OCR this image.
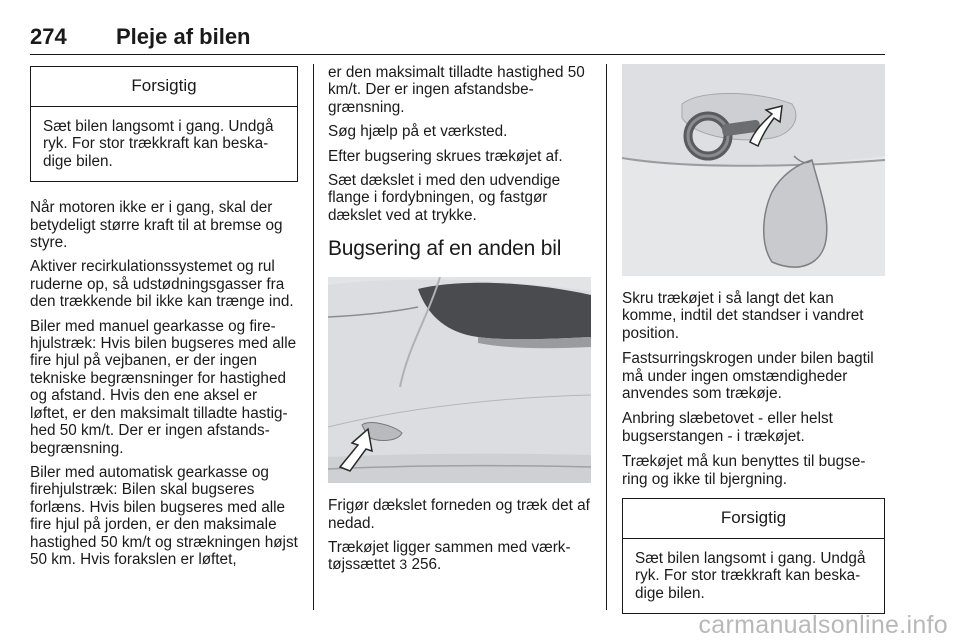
274 Pleje af bilen
Forsigtig
Sæt bilen langsomt i gang. Undgå ryk. For stor trækkraft kan beskadige bilen.

Når motoren ikke er i gang, skal der betydeligt større kraft til at bremse og styre.

Aktiver recirkulationssystemet og rul ruderne op, så udstødningsgasser fra den trækkende bil ikke kan trænge ind.

Biler med manuel gearkasse og firehjulstræk: Hvis bilen bugseres med alle fire hjul på vejbanen, er der ingen tekniske begrænsninger for hastighed og afstand. Hvis den ene aksel er løftet, er den maksimalt tilladte hastighed 50 km/t. Der er ingen afstandsbegrænsning.

Biler med automatisk gearkasse og firehjulstræk: Bilen skal bugseres forlæns. Hvis bilen bugseres med alle fire hjul på jorden, er den maksimale hastighed 50 km/t og strækningen højst 50 km. Hvis forakslen er løftet,

er den maksimalt tilladte hastighed 50 km/t. Der er ingen afstandsbegrænsning.

Søg hjælp på et værksted.

Efter bugsering skrues trækøjet af.

Sæt dækslet i med den udvendige flange i fordybningen, og fastgør dækslet ved at trykke.

Bugsering af en anden bil

Frigør dækslet forneden og træk det af nedad.

Trækøjet ligger sammen med værktøjssættet 3 256.

Skru trækøjet i så langt det kan komme, indtil det standser i vandret position.

Fastsurringskrogen under bilen bagtil må under ingen omstændigheder anvendes som trækøje.

Anbring slæbetovet - eller helst bugserstangen - i trækøjet.

Trækøjet må kun benyttes til bugsering og ikke til bjergning.

Forsigtig
Sæt bilen langsomt i gang. Undgå ryk. For stor trækkraft kan beskadige bilen.
carmanualsonline.info
